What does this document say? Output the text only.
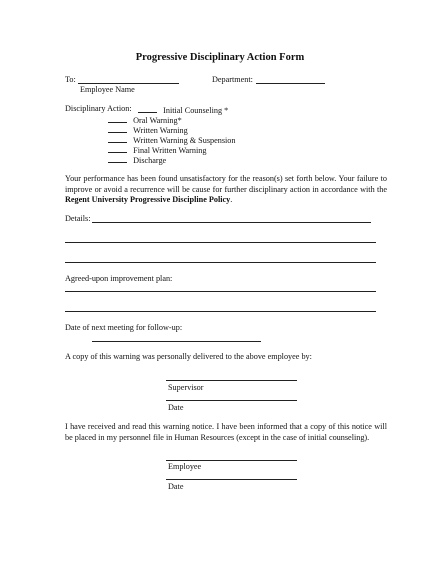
Progressive Disciplinary Action Form
To:
Employee Name
Department:
Disciplinary Action:	Initial Counseling *
Oral Warning*
Written Warning
Written Warning & Suspension
Final Written Warning
Discharge
Your performance has been found unsatisfactory for the reason(s) set forth below. Your failure to improve or avoid a recurrence will be cause for further disciplinary action in accordance with the Regent University Progressive Discipline Policy.
Details:
Agreed-upon improvement plan:
Date of next meeting for follow-up:
A copy of this warning was personally delivered to the above employee by:
Supervisor
Date
I have received and read this warning notice. I have been informed that a copy of this notice will be placed in my personnel file in Human Resources (except in the case of initial counseling).
Employee
Date
